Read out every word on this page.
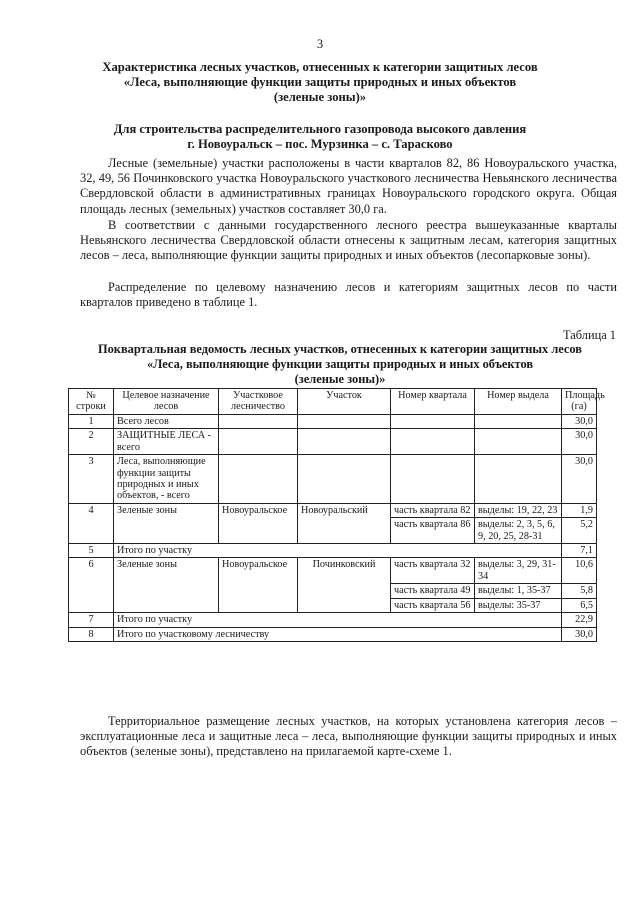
3
Характеристика лесных участков, отнесенных к категории защитных лесов
«Леса, выполняющие функции защиты природных и иных объектов
(зеленые зоны)»
Для строительства распределительного газопровода высокого давления
г. Новоуральск – пос. Мурзинка – с. Тарасково

Лесные (земельные) участки расположены в части кварталов 82, 86 Новоуральского участка, 32, 49, 56 Починковского участка Новоуральского участкового лесничества Невьянского лесничества Свердловской области в административных границах Новоуральского городского округа. Общая площадь лесных (земельных) участков составляет 30,0 га.

В соответствии с данными государственного лесного реестра вышеуказанные кварталы Невьянского лесничества Свердловской области отнесены к защитным лесам, категория защитных лесов – леса, выполняющие функции защиты природных и иных объектов (лесопарковые зоны).

Распределение по целевому назначению лесов и категориям защитных лесов по части кварталов приведено в таблице 1.

Таблица 1
Поквартальная ведомость лесных участков, отнесенных к категории защитных лесов
«Леса, выполняющие функции защиты природных и иных объектов
(зеленые зоны)»
№ строки	Целевое назначение лесов	Участковое лесничество	Участок	Номер квартала	Номер выдела	Площадь (га)
1	Всего лесов					30,0
2	ЗАЩИТНЫЕ ЛЕСА - всего					30,0
3	Леса, выполняющие функции защиты природных и иных объектов, - всего					30,0
4	Зеленые зоны	Новоуральское	Новоуральский	часть квартала 82	выделы: 19, 22, 23	1,9
				часть квартала 86	выделы: 2, 3, 5, 6, 9, 20, 25, 28-31	5,2
5	Итого по участку					7,1
6	Зеленые зоны	Новоуральское	Починковский	часть квартала 32	выделы: 3, 29, 31-34	10,6
				часть квартала 49	выделы: 1, 35-37	5,8
				часть квартала 56	выделы: 35-37	6,5
7	Итого по участку					22,9
8	Итого по участковому лесничеству					30,0

Территориальное размещение лесных участков, на которых установлена категория лесов – эксплуатационные леса и защитные леса – леса, выполняющие функции защиты природных и иных объектов (зеленые зоны), представлено на прилагаемой карте-схеме 1.
